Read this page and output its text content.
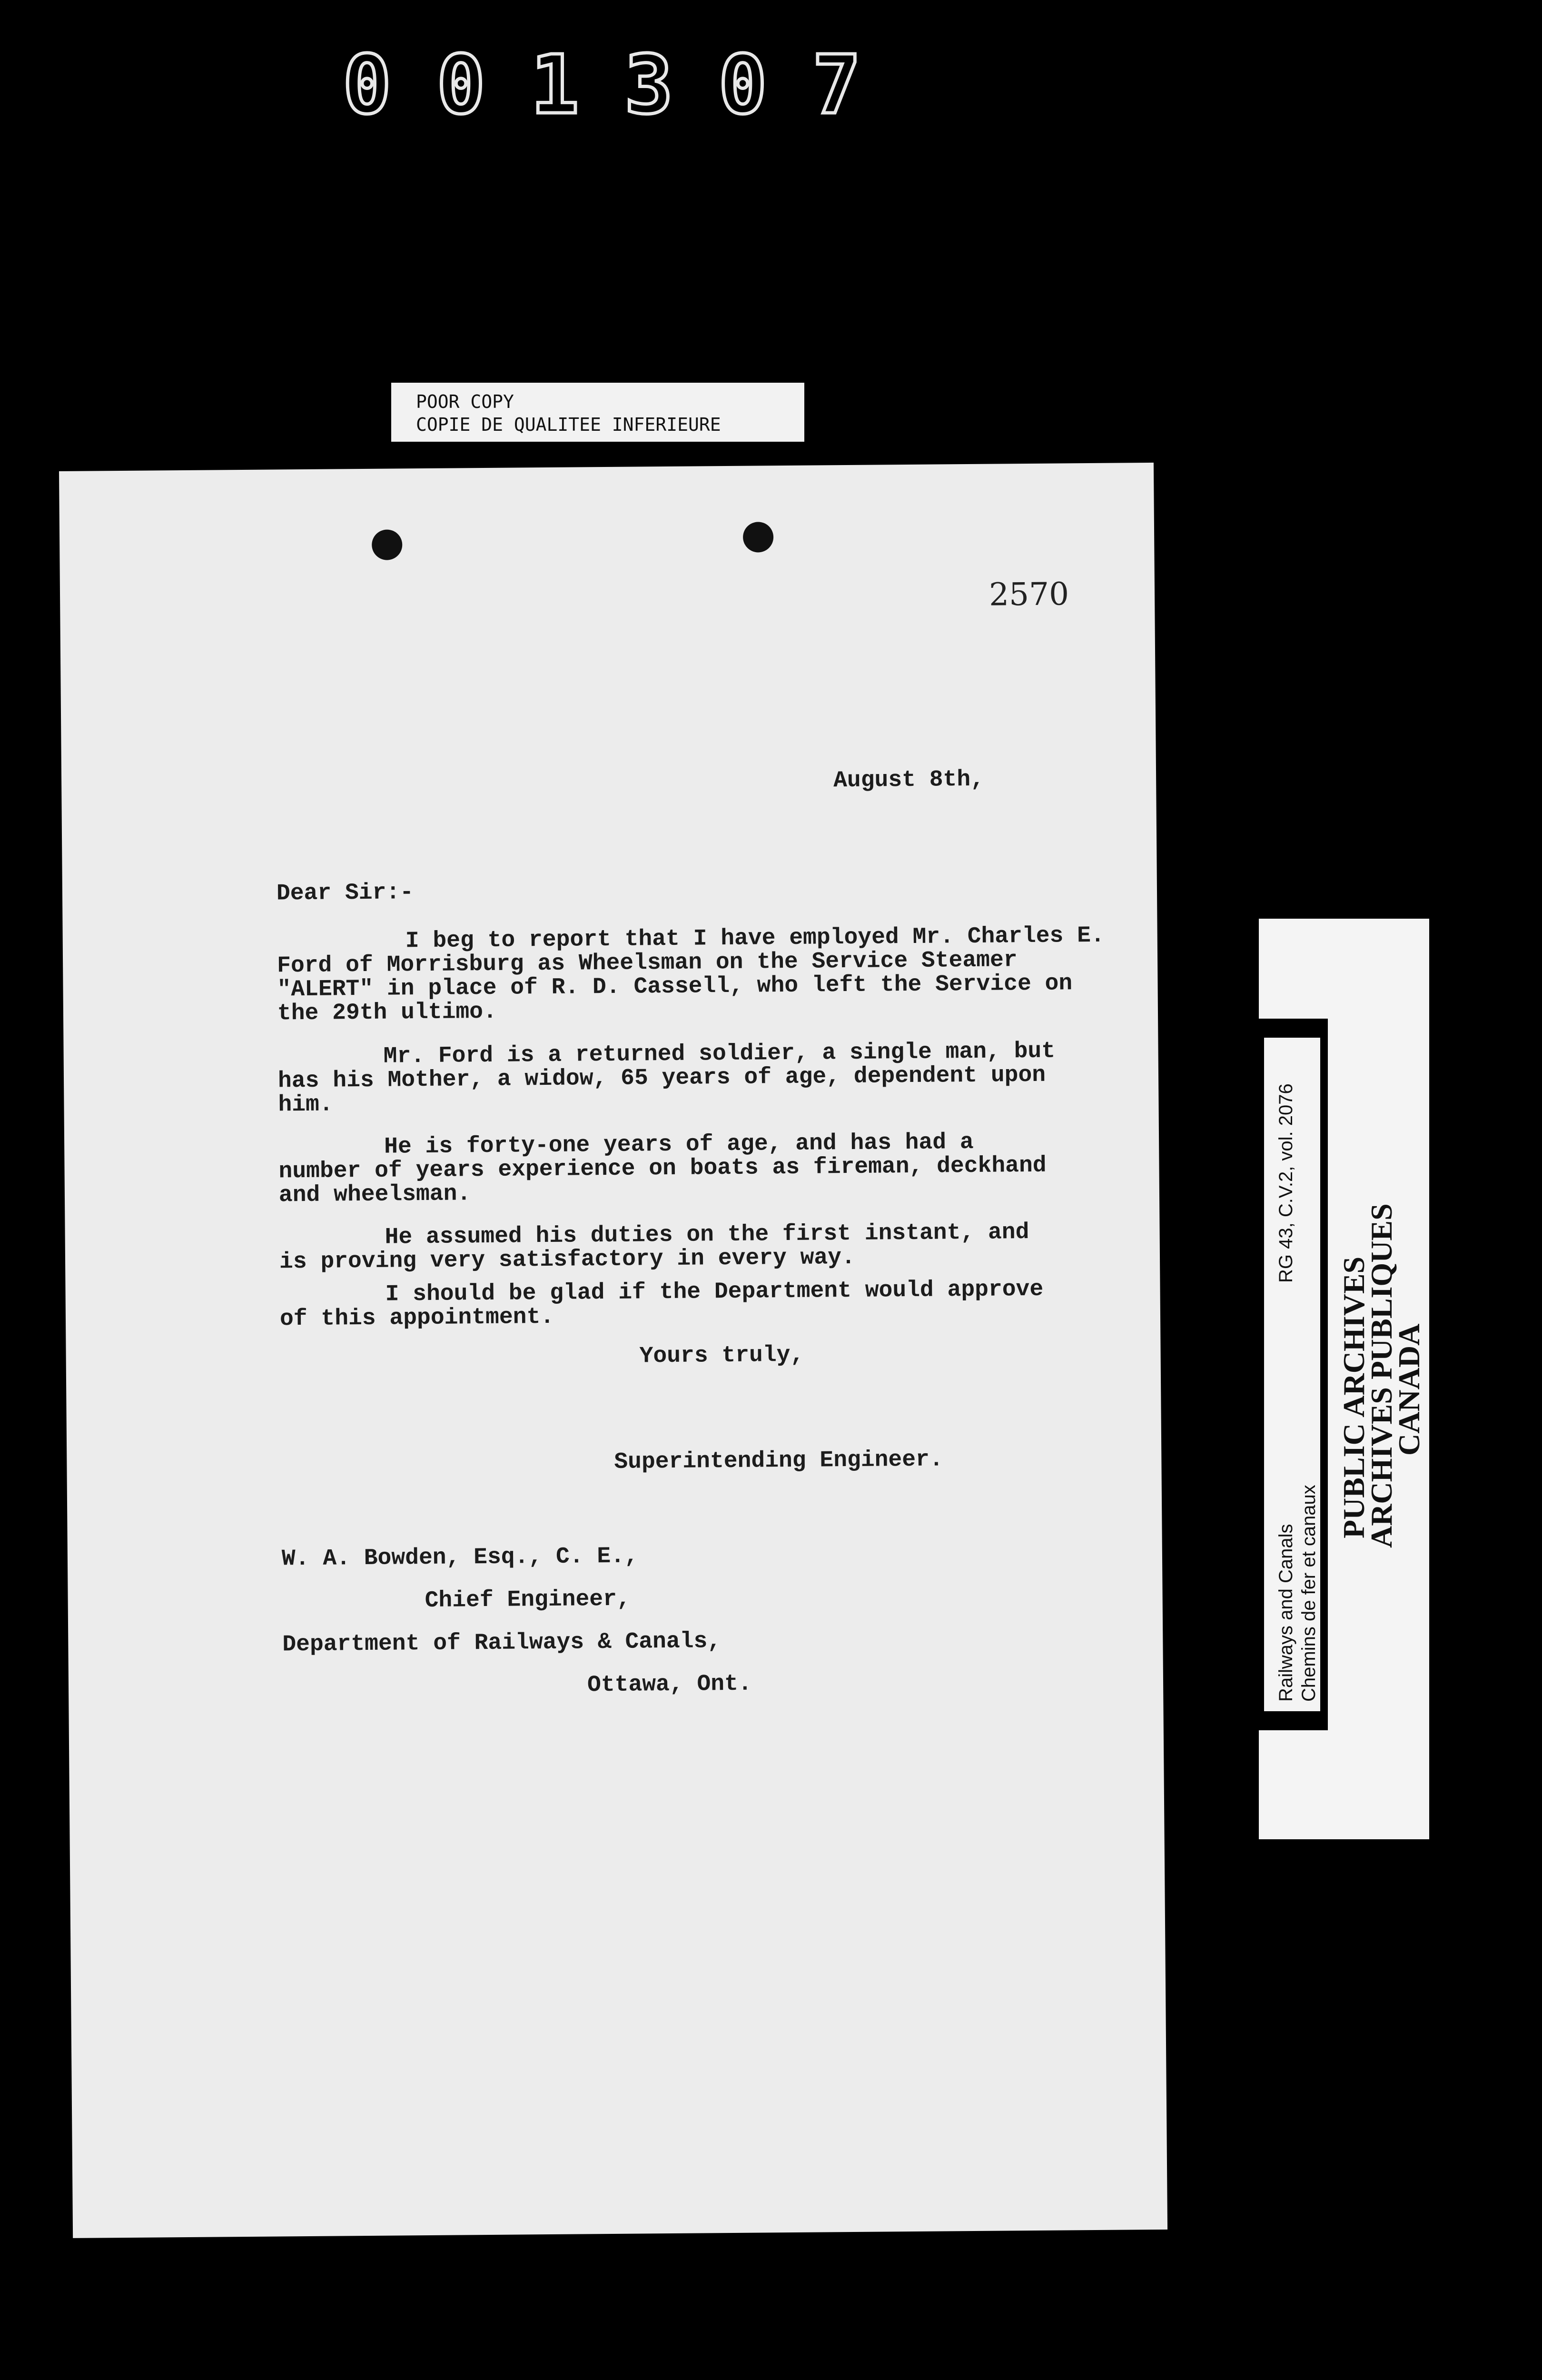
001307
POOR COPY
COPIE DE QUALITEE INFERIEURE
2570
August 8th,
Dear Sir:-
I beg to report that I have employed Mr. Charles E.
Ford of Morrisburg as Wheelsman on the Service Steamer
"ALERT" in place of R. D. Cassell, who left the Service on
the 29th ultimo.
Mr. Ford is a returned soldier, a single man, but
has his Mother, a widow, 65 years of age, dependent upon
him.
He is forty-one years of age, and has had a
number of years experience on boats as fireman, deckhand
and wheelsman.
He assumed his duties on the first instant, and
is proving very satisfactory in every way.
I should be glad if the Department would approve
of this appointment.
Yours truly,
Superintending Engineer.
W. A. Bowden, Esq., C. E.,
Chief Engineer,
Department of Railways & Canals,
Ottawa, Ont.	Railways and Canals Chemins de fer et canaux
RG 43, C.V.2, vol. 2076
PUBLIC ARCHIVES
ARCHIVES PUBLIQUES
CANADA
